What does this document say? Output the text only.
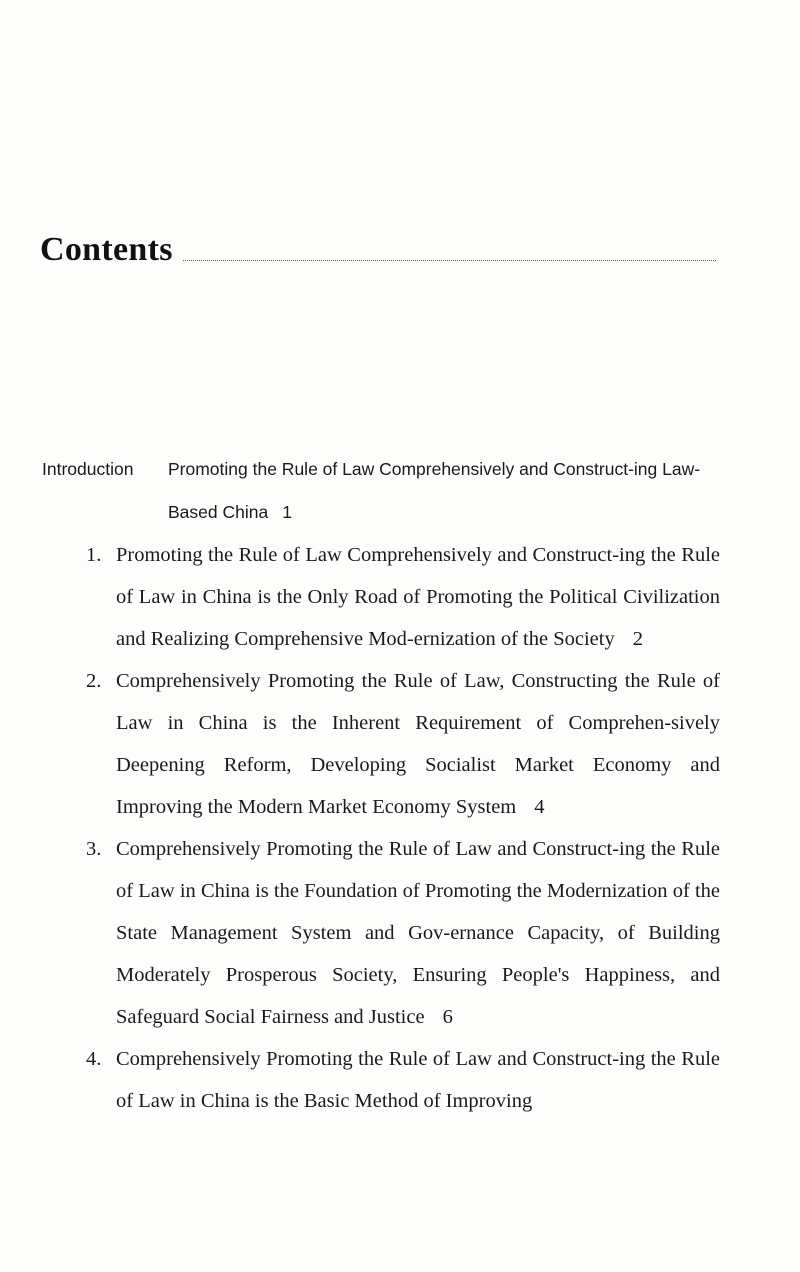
Contents
Introduction Promoting the Rule of Law Comprehensively and Construct-ing Law-Based China 1
1. Promoting the Rule of Law Comprehensively and Construct-ing the Rule of Law in China is the Only Road of Promoting the Political Civilization and Realizing Comprehensive Mod-ernization of the Society 2
2. Comprehensively Promoting the Rule of Law, Constructing the Rule of Law in China is the Inherent Requirement of Comprehen-sively Deepening Reform, Developing Socialist Market Economy and Improving the Modern Market Economy System 4
3. Comprehensively Promoting the Rule of Law and Construct-ing the Rule of Law in China is the Foundation of Promoting the Modernization of the State Management System and Gov-ernance Capacity, of Building Moderately Prosperous Society, Ensuring People's Happiness, and Safeguard Social Fairness and Justice 6
4. Comprehensively Promoting the Rule of Law and Construct-ing the Rule of Law in China is the Basic Method of Improving
